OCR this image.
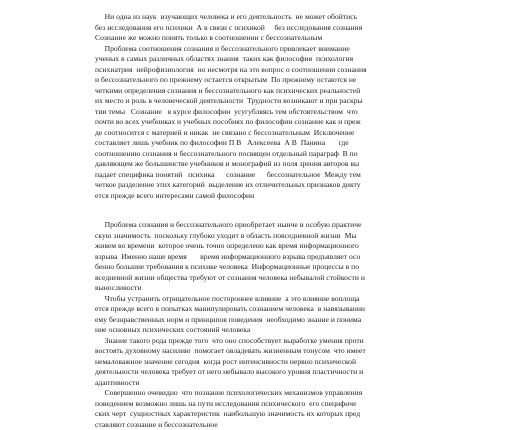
Ни одна из наук  изучающих человека и его деятельность  не может обойтись
без исследования его психики  А в связи с психикой     без исследования сознания
Сознание же можно понять только в соотношении с бессознательным
Проблема соотношения сознания и бессознательного привлекает внимание
ученых в самых различных областях знания  таких как философия  психология
психиатрия  нейрофизиология  но несмотря на это вопрос о соотношении сознания
и бессознательного по прежнему остается открытым  По прежнему остаются не
четкими определения сознания и бессознательного как психических реальностей
их место и роль в человеческой деятельности  Трудности возникают и при раскры
тии темы   Сознание   в курсе философии  усугубляясь тем обстоятельством  что
почти во всех учебниках и учебных пособиях по философии сознание как и преж
де соотносится с материей и никак  не связано с бессознательным  Исключение
составляет лишь учебник по философии П В   Алексеева  А В  Панина       где
соотношению сознания и бессознательного посвящен отдельный параграф  В по
давляющем же большинстве учебников и монографий из поля зрения авторов вы
падает специфика понятий   психика      сознание      бессознательное  Между тем
четкое разделение этих категорий  выделение их отличительных признаков дикту
ется прежде всего интересами самой философии
Проблема сознания и бессознательного приобретает нынче и особую практиче
скую значимость  поскольку глубоко уходит в область повседневной жизни  Мы
живем во времени  которое очень точно определено как время информационного
взрыва  Именно наше время       время информационного взрыва предъявляет осо
бенно большие требования к психике человека  Информационные процессы в по
вседневной жизни общества требуют от сознания человека небывалой стойкости и
выносливости
Чтобы устранить отрицательное постороннее влияние  а это влияние воплоща
ется прежде всего в попытках манипулировать сознанием человека  в навязывании
ему безнравственных норм и принципов поведения  необходимо знание и понима
ние основных психических состояний человека
Знание такого рода прежде того  что оно способствует выработке умения проти
востоять духовному насилию  помогает овладевать жизненным тонусом  что имеет
немаловажное значение сегодня  когда рост интенсивности нервно психической
деятельности человека требует от него небывало высокого уровня пластичности и
адаптивности
Совершенно очевидно  что познание психологических механизмов управления
поведением возможно лишь на пути исследования психического  его специфиче
ских черт  сущностных характеристик  наибольшую значимость их которых пред
ставляют сознание и бессознательное
